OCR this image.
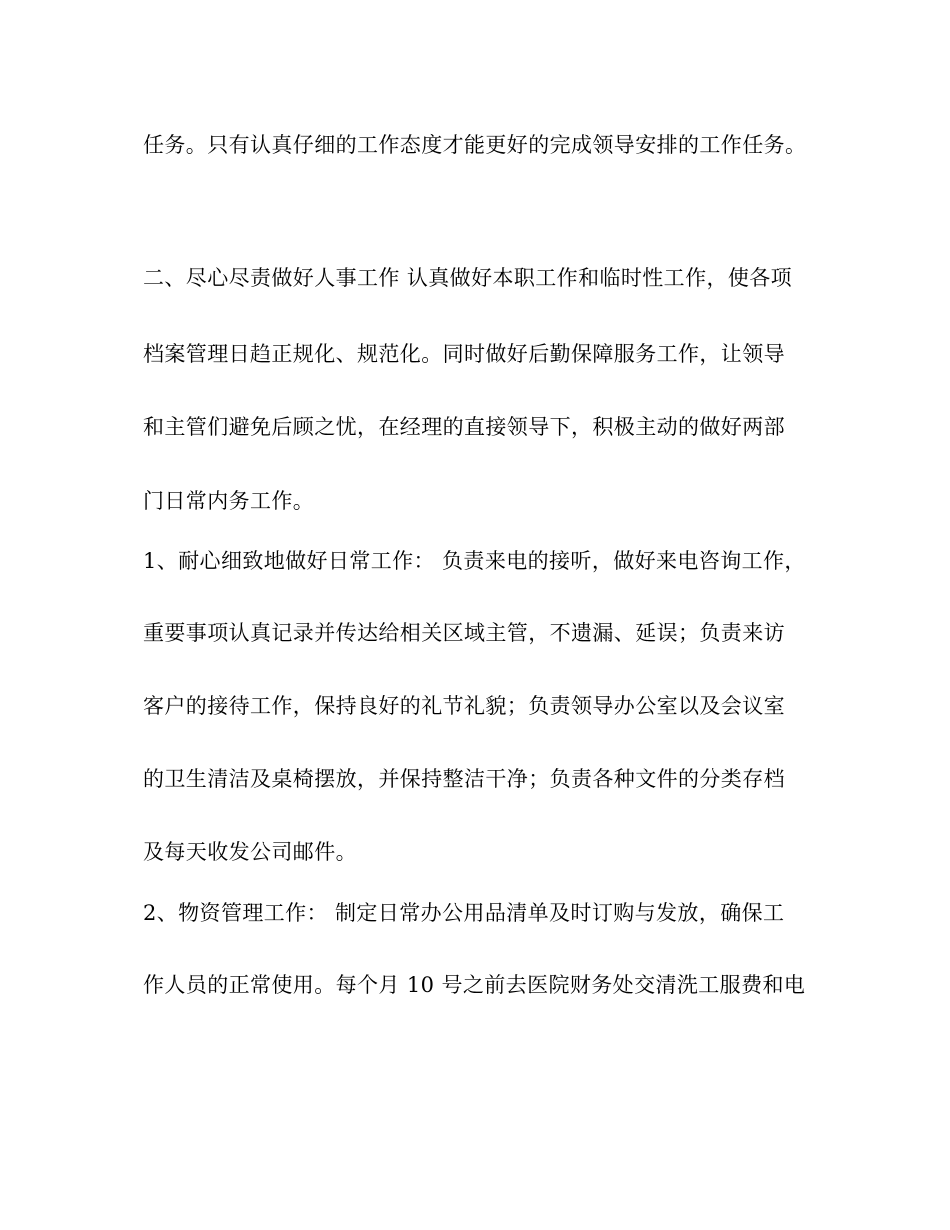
任务。只有认真仔细的工作态度才能更好的完成领导安排的工作任务。
二、尽心尽责做好人事工作 认真做好本职工作和临时性工作，使各项
档案管理日趋正规化、规范化。同时做好后勤保障服务工作，让领导
和主管们避免后顾之忧，在经理的直接领导下，积极主动的做好两部
门日常内务工作。
1、耐心细致地做好日常工作： 负责来电的接听，做好来电咨询工作，
重要事项认真记录并传达给相关区域主管，不遗漏、延误；负责来访
客户的接待工作，保持良好的礼节礼貌；负责领导办公室以及会议室
的卫生清洁及桌椅摆放，并保持整洁干净；负责各种文件的分类存档
及每天收发公司邮件。
2、物资管理工作： 制定日常办公用品清单及时订购与发放，确保工
作人员的正常使用。每个月 10 号之前去医院财务处交清洗工服费和电
